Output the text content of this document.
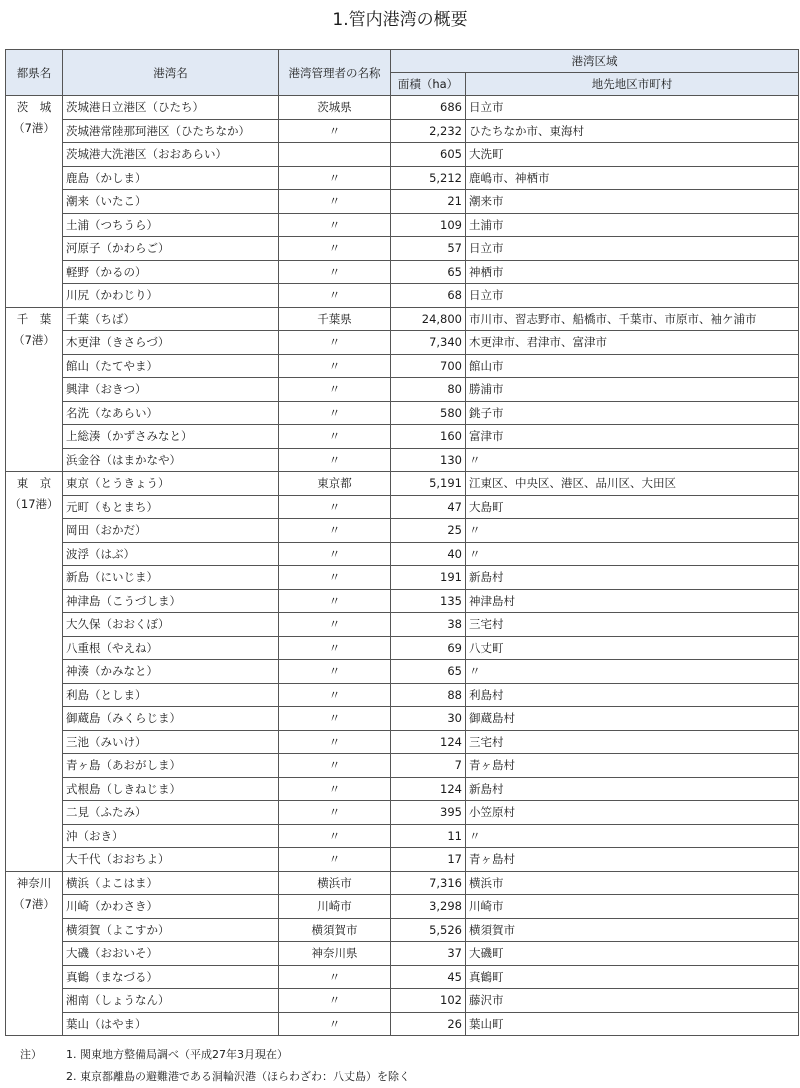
1.管内港湾の概要
都県名	港湾名	港湾管理者の名称	港湾区域	
			面積（ha）	地先地区市町村

茨　城
（7港）	茨城港日立港区（ひたち）	茨城県	686	日立市
	茨城港常陸那珂港区（ひたちなか）	〃	2,232	ひたちなか市、東海村
	茨城港大洗港区（おおあらい）		605	大洗町
	鹿島（かしま）	〃	5,212	鹿嶋市、神栖市
	潮来（いたこ）	〃	21	潮来市
	土浦（つちうら）	〃	109	土浦市
	河原子（かわらご）	〃	57	日立市
	軽野（かるの）	〃	65	神栖市
	川尻（かわじり）	〃	68	日立市

千　葉
（7港）	千葉（ちば）	千葉県	24,800	市川市、習志野市、船橋市、千葉市、市原市、袖ケ浦市
	木更津（きさらづ）	〃	7,340	木更津市、君津市、富津市
	館山（たてやま）	〃	700	館山市
	興津（おきつ）	〃	80	勝浦市
	名洗（なあらい）	〃	580	銚子市
	上総湊（かずさみなと）	〃	160	富津市
	浜金谷（はまかなや）	〃	130	〃

東　京
（17港）	東京（とうきょう）	東京都	5,191	江東区、中央区、港区、品川区、大田区
	元町（もとまち）	〃	47	大島町
	岡田（おかだ）	〃	25	〃
	波浮（はぶ）	〃	40	〃
	新島（にいじま）	〃	191	新島村
	神津島（こうづしま）	〃	135	神津島村
	大久保（おおくぼ）	〃	38	三宅村
	八重根（やえね）	〃	69	八丈町
	神湊（かみなと）	〃	65	〃
	利島（としま）	〃	88	利島村
	御蔵島（みくらじま）	〃	30	御蔵島村
	三池（みいけ）	〃	124	三宅村
	青ヶ島（あおがしま）	〃	7	青ヶ島村
	式根島（しきねじま）	〃	124	新島村
	二見（ふたみ）	〃	395	小笠原村
	沖（おき）	〃	11	〃
	大千代（おおちよ）	〃	17	青ヶ島村

神奈川
（7港）	横浜（よこはま）	横浜市	7,316	横浜市
	川崎（かわさき）	川崎市	3,298	川崎市
	横須賀（よこすか）	横須賀市	5,526	横須賀市
	大磯（おおいそ）	神奈川県	37	大磯町
	真鶴（まなづる）	〃	45	真鶴町
	湘南（しょうなん）	〃	102	藤沢市
	葉山（はやま）	〃	26	葉山町
注） 1. 関東地方整備局調べ（平成27年3月現在）
2. 東京都離島の避難港である洞輪沢港（ほらわざわ：八丈島）を除く
